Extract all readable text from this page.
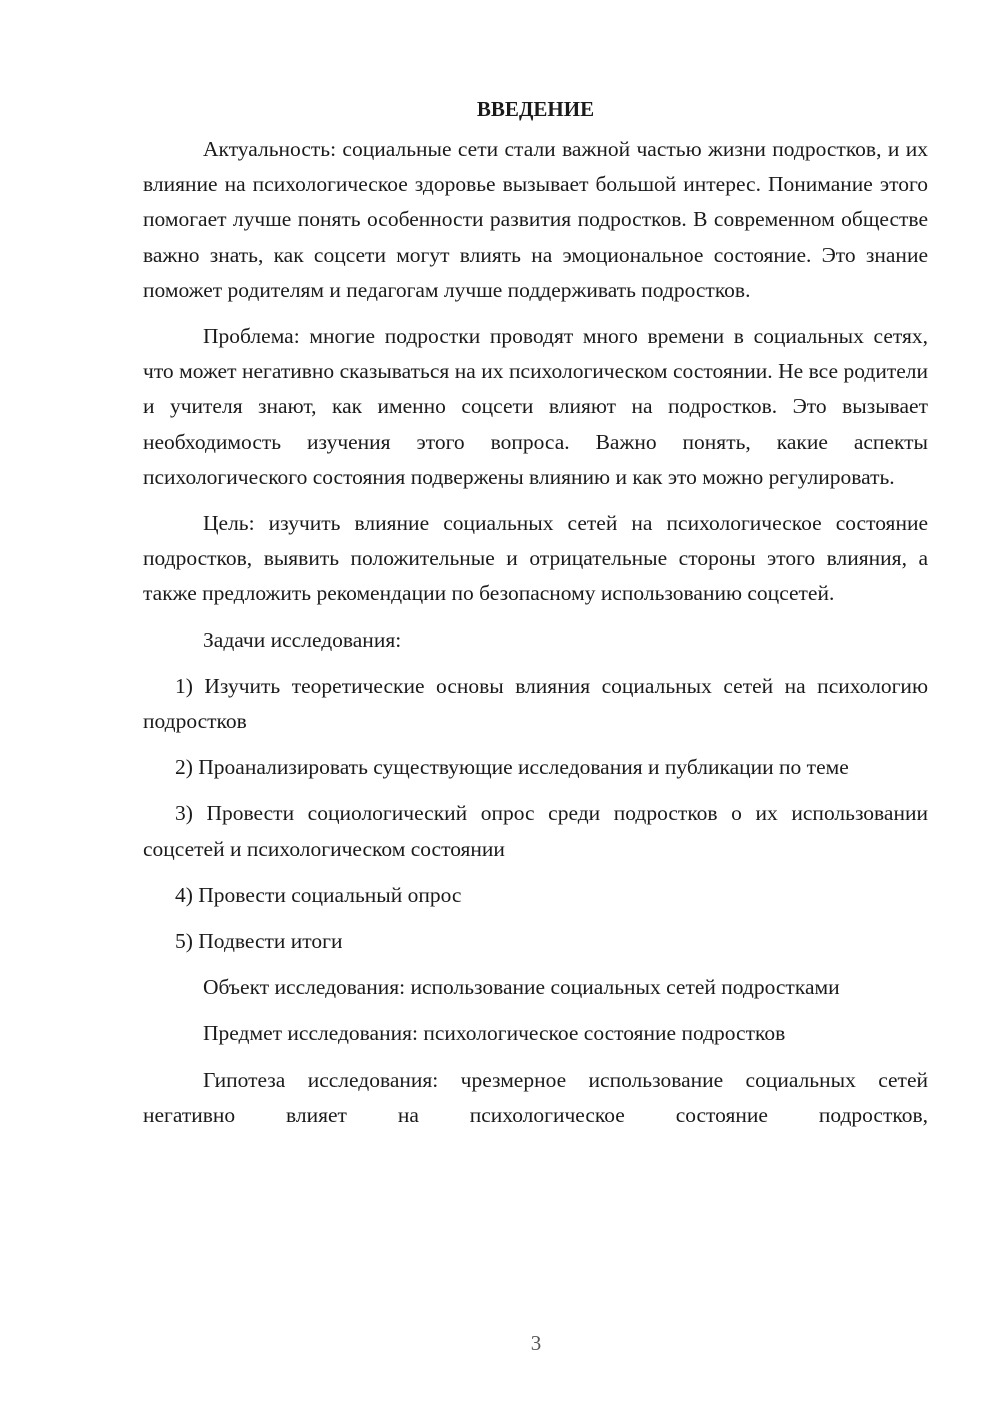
ВВЕДЕНИЕ

Актуальность: социальные сети стали важной частью жизни подростков, и их влияние на психологическое здоровье вызывает большой интерес. Понимание этого помогает лучше понять особенности развития подростков. В современном обществе важно знать, как соцсети могут влиять на эмоциональное состояние. Это знание поможет родителям и педагогам лучше поддерживать подростков.

Проблема: многие подростки проводят много времени в социальных сетях, что может негативно сказываться на их психологическом состоянии. Не все родители и учителя знают, как именно соцсети влияют на подростков. Это вызывает необходимость изучения этого вопроса. Важно понять, какие аспекты психологического состояния подвержены влиянию и как это можно регулировать.

Цель: изучить влияние социальных сетей на психологическое состояние подростков, выявить положительные и отрицательные стороны этого влияния, а также предложить рекомендации по безопасному использованию соцсетей.

Задачи исследования:

1) Изучить теоретические основы влияния социальных сетей на психологию подростков

2) Проанализировать существующие исследования и публикации по теме

3) Провести социологический опрос среди подростков о их использовании соцсетей и психологическом состоянии

4) Провести социальный опрос

5) Подвести итоги

Объект исследования: использование социальных сетей подростками

Предмет исследования: психологическое состояние подростков

Гипотеза исследования: чрезмерное использование социальных сетей негативно влияет на психологическое состояние подростков,

3
